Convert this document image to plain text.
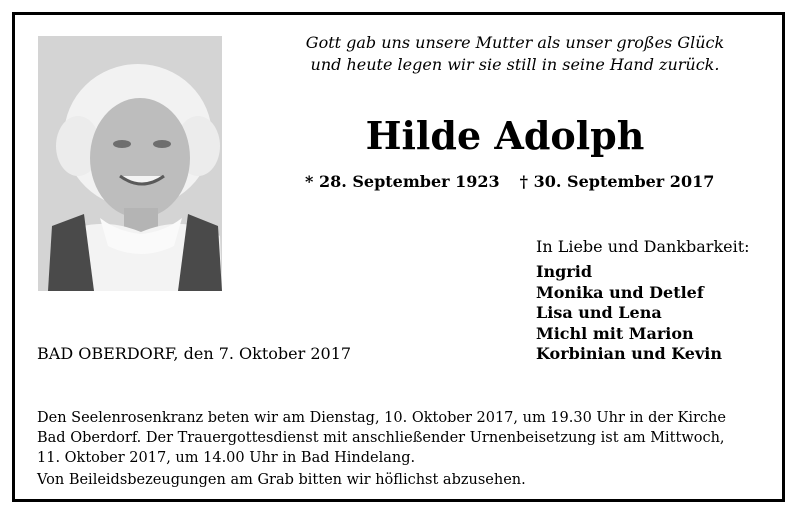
Gott gab uns unsere Mutter als unser großes Glück
und heute legen wir sie still in seine Hand zurück.
Hilde Adolph
* 28. September 1923 † 30. September 2017
In Liebe und Dankbarkeit:
Ingrid
Monika und Detlef
Lisa und Lena
Michl mit Marion
Korbinian und Kevin
BAD OBERDORF, den 7. Oktober 2017
Den Seelenrosenkranz beten wir am Dienstag, 10. Oktober 2017, um 19.30 Uhr in der Kirche
Bad Oberdorf. Der Trauergottesdienst mit anschließender Urnenbeisetzung ist am Mittwoch,
11. Oktober 2017, um 14.00 Uhr in Bad Hindelang.
Von Beileidsbezeugungen am Grab bitten wir höflichst abzusehen.
